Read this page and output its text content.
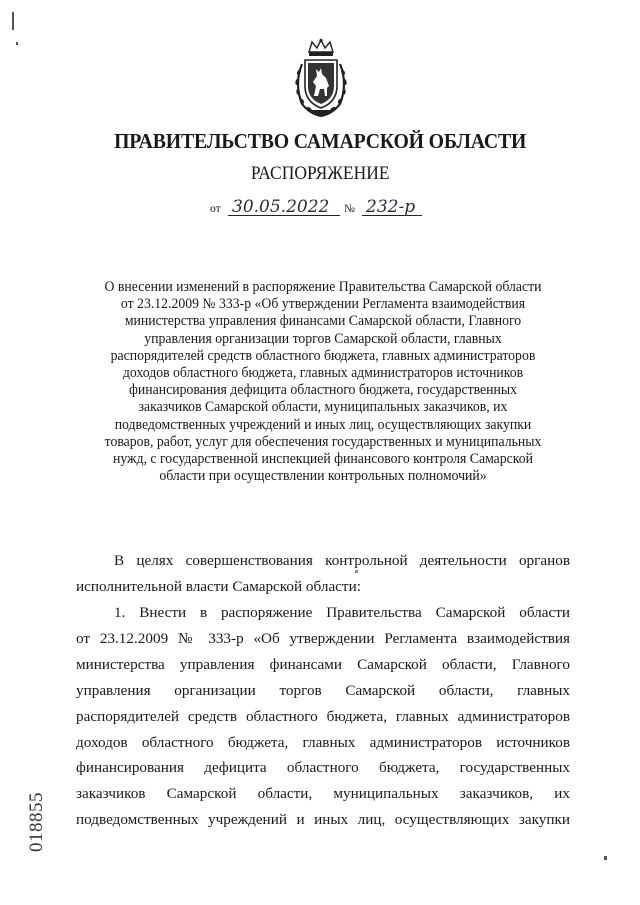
ПРАВИТЕЛЬСТВО САМАРСКОЙ ОБЛАСТИ
РАСПОРЯЖЕНИЕ
от 30.05.2022 № 232-р
О внесении изменений в распоряжение Правительства Самарской области
от 23.12.2009 № 333-р «Об утверждении Регламента взаимодействия
министерства управления финансами Самарской области, Главного
управления организации торгов Самарской области, главных
распорядителей средств областного бюджета, главных администраторов
доходов областного бюджета, главных администраторов источников
финансирования дефицита областного бюджета, государственных
заказчиков Самарской области, муниципальных заказчиков, их
подведомственных учреждений и иных лиц, осуществляющих закупки
товаров, работ, услуг для обеспечения государственных и муниципальных
нужд, с государственной инспекцией финансового контроля Самарской
области при осуществлении контрольных полномочий»
В целях совершенствования контрольной деятельности органов
исполнительной власти Самарской области:
1. Внести в распоряжение Правительства Самарской области
от 23.12.2009 № 333-р «Об утверждении Регламента взаимодействия
министерства управления финансами Самарской области, Главного
управления организации торгов Самарской области, главных
распорядителей средств областного бюджета, главных администраторов
доходов областного бюджета, главных администраторов источников
финансирования дефицита областного бюджета, государственных
заказчиков Самарской области, муниципальных заказчиков, их
подведомственных учреждений и иных лиц, осуществляющих закупки
018855
